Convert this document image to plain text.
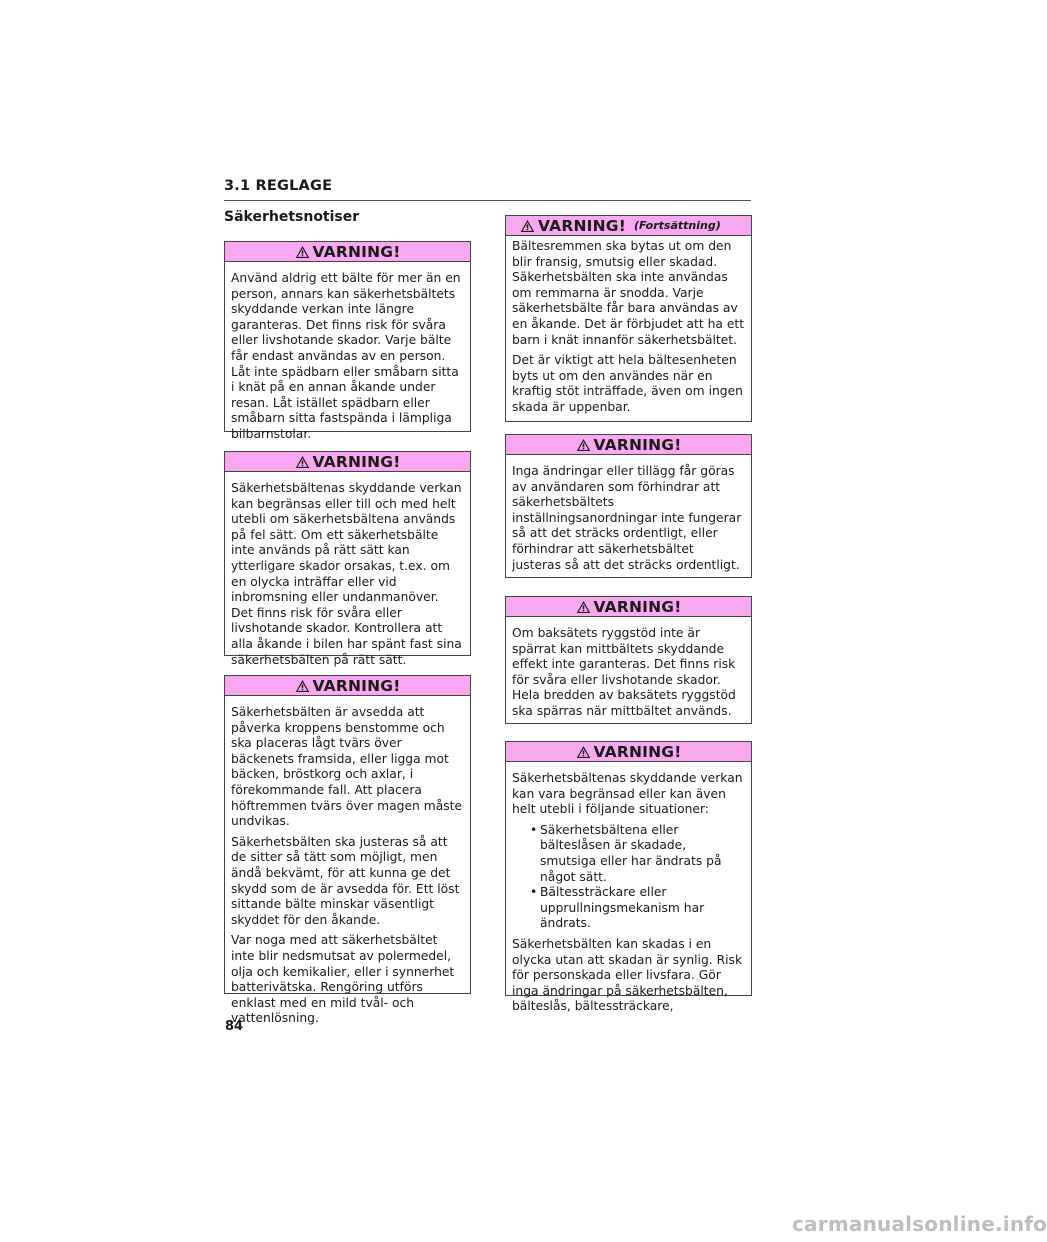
3.1 REGLAGE
Säkerhetsnotiser
VARNING!

Använd aldrig ett bälte för mer än en person, annars kan säkerhetsbältets skyddande verkan inte längre garanteras. Det finns risk för svåra eller livshotande skador. Varje bälte får endast användas av en person. Låt inte spädbarn eller småbarn sitta i knät på en annan åkande under resan. Låt istället spädbarn eller småbarn sitta fastspända i lämpliga bilbarnstolar.

VARNING!

Säkerhetsbältenas skyddande verkan kan begränsas eller till och med helt utebli om säkerhetsbältena används på fel sätt. Om ett säkerhetsbälte inte används på rätt sätt kan ytterligare skador orsakas, t.ex. om en olycka inträffar eller vid inbromsning eller undanmanöver. Det finns risk för svåra eller livshotande skador. Kontrollera att alla åkande i bilen har spänt fast sina säkerhetsbälten på rätt sätt.

VARNING!

Säkerhetsbälten är avsedda att påverka kroppens benstomme och ska placeras lågt tvärs över bäckenets framsida, eller ligga mot bäcken, bröstkorg och axlar, i förekommande fall. Att placera höftremmen tvärs över magen måste undvikas.

Säkerhetsbälten ska justeras så att de sitter så tätt som möjligt, men ändå bekvämt, för att kunna ge det skydd som de är avsedda för. Ett löst sittande bälte minskar väsentligt skyddet för den åkande.

Var noga med att säkerhetsbältet inte blir nedsmutsat av polermedel, olja och kemikalier, eller i synnerhet batterivätska. Rengöring utförs enklast med en mild tvål- och vattenlösning.

VARNING! (Fortsättning)

Bältesremmen ska bytas ut om den blir fransig, smutsig eller skadad. Säkerhetsbälten ska inte användas om remmarna är snodda. Varje säkerhetsbälte får bara användas av en åkande. Det är förbjudet att ha ett barn i knät innanför säkerhetsbältet.

Det är viktigt att hela bältesenheten byts ut om den användes när en kraftig stöt inträffade, även om ingen skada är uppenbar.

VARNING!

Inga ändringar eller tillägg får göras av användaren som förhindrar att säkerhetsbältets inställningsanordningar inte fungerar så att det sträcks ordentligt, eller förhindrar att säkerhetsbältet justeras så att det sträcks ordentligt.

VARNING!

Om baksätets ryggstöd inte är spärrat kan mittbältets skyddande effekt inte garanteras. Det finns risk för svåra eller livshotande skador. Hela bredden av baksätets ryggstöd ska spärras när mittbältet används.

VARNING!

Säkerhetsbältenas skyddande verkan kan vara begränsad eller kan även helt utebli i följande situationer:

• Säkerhetsbältena eller bälteslåsen är skadade, smutsiga eller har ändrats på något sätt.
• Bältessträckare eller upprullningsmekanism har ändrats.

Säkerhetsbälten kan skadas i en olycka utan att skadan är synlig. Risk för personskada eller livsfara. Gör inga ändringar på säkerhetsbälten, bälteslås, bältessträckare,

84
carmanualsonline.info
